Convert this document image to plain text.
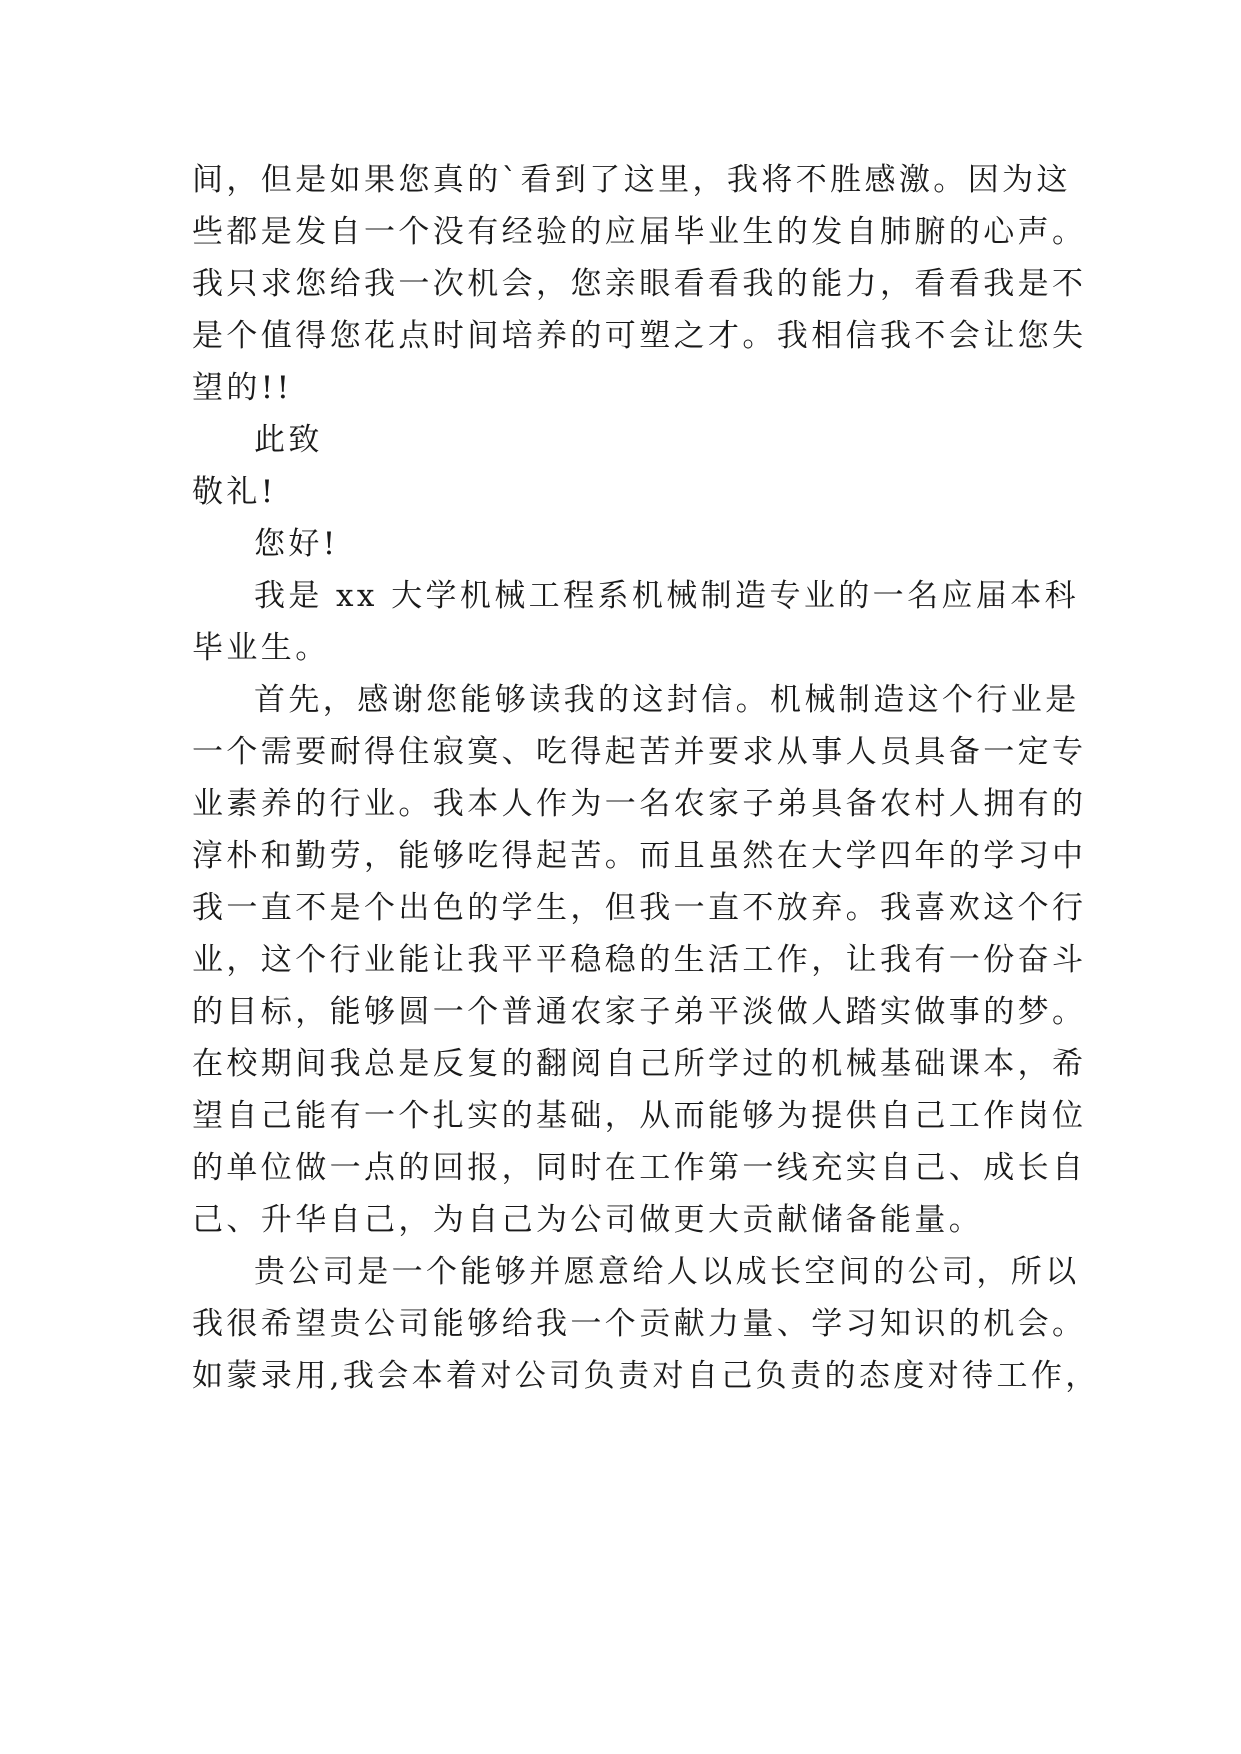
间，但是如果您真的`看到了这里，我将不胜感激。因为这
些都是发自一个没有经验的应届毕业生的发自肺腑的心声。
我只求您给我一次机会，您亲眼看看我的能力，看看我是不
是个值得您花点时间培养的可塑之才。我相信我不会让您失
望的!!
此致
敬礼!
您好!
我是 xx 大学机械工程系机械制造专业的一名应届本科
毕业生。
首先，感谢您能够读我的这封信。机械制造这个行业是
一个需要耐得住寂寞、吃得起苦并要求从事人员具备一定专
业素养的行业。我本人作为一名农家子弟具备农村人拥有的
淳朴和勤劳，能够吃得起苦。而且虽然在大学四年的学习中
我一直不是个出色的学生，但我一直不放弃。我喜欢这个行
业，这个行业能让我平平稳稳的生活工作，让我有一份奋斗
的目标，能够圆一个普通农家子弟平淡做人踏实做事的梦。
在校期间我总是反复的翻阅自己所学过的机械基础课本，希
望自己能有一个扎实的基础，从而能够为提供自己工作岗位
的单位做一点的回报，同时在工作第一线充实自己、成长自
己、升华自己，为自己为公司做更大贡献储备能量。
贵公司是一个能够并愿意给人以成长空间的公司，所以
我很希望贵公司能够给我一个贡献力量、学习知识的机会。
如蒙录用,我会本着对公司负责对自己负责的态度对待工作，
